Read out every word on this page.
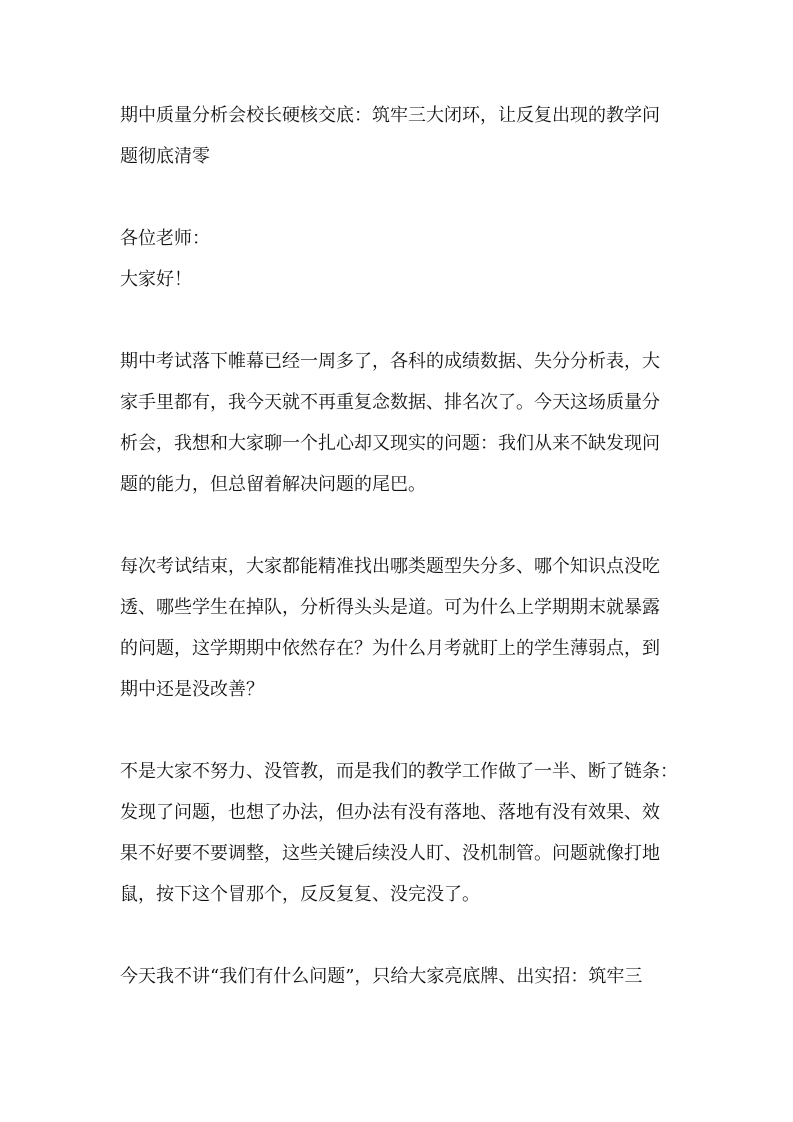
期中质量分析会校长硬核交底：筑牢三大闭环，让反复出现的教学问
题彻底清零
各位老师：
大家好！
期中考试落下帷幕已经一周多了，各科的成绩数据、失分分析表，大
家手里都有，我今天就不再重复念数据、排名次了。今天这场质量分
析会，我想和大家聊一个扎心却又现实的问题：我们从来不缺发现问
题的能力，但总留着解决问题的尾巴。
每次考试结束，大家都能精准找出哪类题型失分多、哪个知识点没吃
透、哪些学生在掉队，分析得头头是道。可为什么上学期期末就暴露
的问题，这学期期中依然存在？为什么月考就盯上的学生薄弱点，到
期中还是没改善？
不是大家不努力、没管教，而是我们的教学工作做了一半、断了链条：
发现了问题，也想了办法，但办法有没有落地、落地有没有效果、效
果不好要不要调整，这些关键后续没人盯、没机制管。问题就像打地
鼠，按下这个冒那个，反反复复、没完没了。
今天我不讲“我们有什么问题”，只给大家亮底牌、出实招：筑牢三
